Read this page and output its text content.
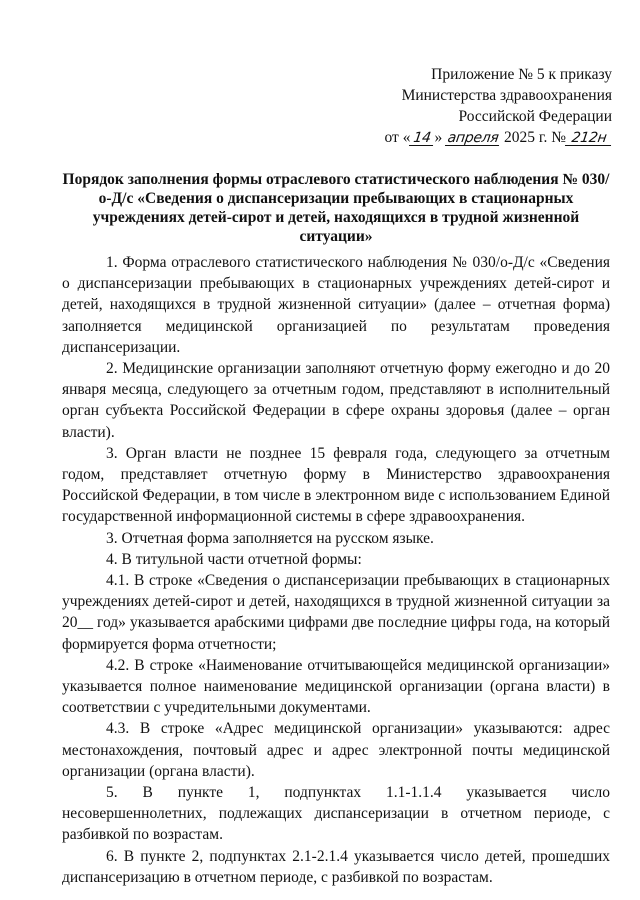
Приложение № 5 к приказу
Министерства здравоохранения
Российской Федерации
от « 14 » апреля 2025 г. № 212н
Порядок заполнения формы отраслевого статистического наблюдения № 030/о-Д/с «Сведения о диспансеризации пребывающих в стационарных учреждениях детей-сирот и детей, находящихся в трудной жизненной ситуации»

1. Форма отраслевого статистического наблюдения № 030/о-Д/с «Сведения о диспансеризации пребывающих в стационарных учреждениях детей-сирот и детей, находящихся в трудной жизненной ситуации» (далее – отчетная форма) заполняется медицинской организацией по результатам проведения диспансеризации.

2. Медицинские организации заполняют отчетную форму ежегодно и до 20 января месяца, следующего за отчетным годом, представляют в исполнительный орган субъекта Российской Федерации в сфере охраны здоровья (далее – орган власти).

3. Орган власти не позднее 15 февраля года, следующего за отчетным годом, представляет отчетную форму в Министерство здравоохранения Российской Федерации, в том числе в электронном виде с использованием Единой государственной информационной системы в сфере здравоохранения.

3. Отчетная форма заполняется на русском языке.

4. В титульной части отчетной формы:

4.1. В строке «Сведения о диспансеризации пребывающих в стационарных учреждениях детей-сирот и детей, находящихся в трудной жизненной ситуации за 20__ год» указывается арабскими цифрами две последние цифры года, на который формируется форма отчетности;

4.2. В строке «Наименование отчитывающейся медицинской организации» указывается полное наименование медицинской организации (органа власти) в соответствии с учредительными документами.

4.3. В строке «Адрес медицинской организации» указываются: адрес местонахождения, почтовый адрес и адрес электронной почты медицинской организации (органа власти).

5. В пункте 1, подпунктах 1.1-1.1.4 указывается число несовершеннолетних, подлежащих диспансеризации в отчетном периоде, с разбивкой по возрастам.

6. В пункте 2, подпунктах 2.1-2.1.4 указывается число детей, прошедших диспансеризацию в отчетном периоде, с разбивкой по возрастам.
